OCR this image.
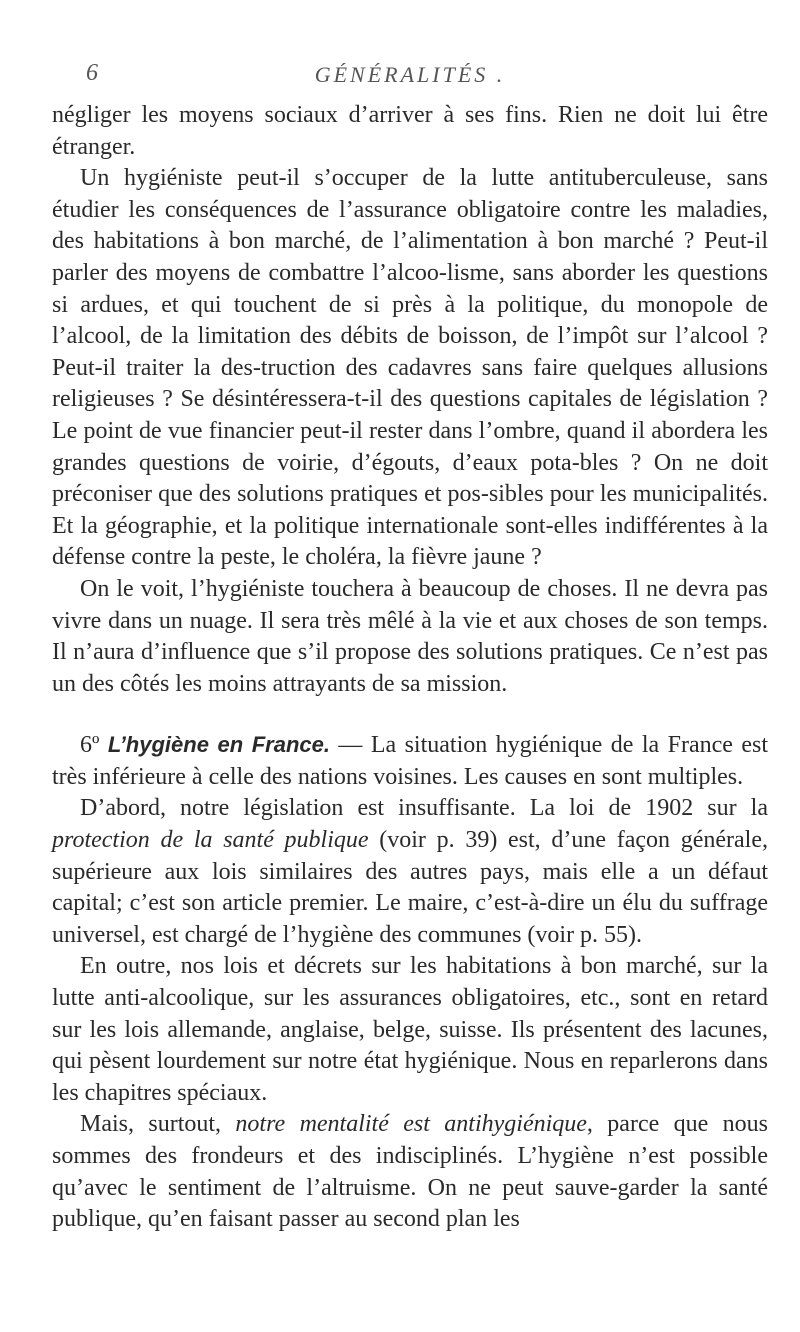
6	GÉNÉRALITÉS .

négliger les moyens sociaux d’arriver à ses fins. Rien ne doit lui être étranger.

Un hygiéniste peut-il s’occuper de la lutte antituberculeuse, sans étudier les conséquences de l’assurance obligatoire contre les maladies, des habitations à bon marché, de l’alimentation à bon marché ? Peut-il parler des moyens de combattre l’alcoo-lisme, sans aborder les questions si ardues, et qui touchent de si près à la politique, du monopole de l’alcool, de la limitation des débits de boisson, de l’impôt sur l’alcool ? Peut-il traiter la des-truction des cadavres sans faire quelques allusions religieuses ? Se désintéressera-t-il des questions capitales de législation ? Le point de vue financier peut-il rester dans l’ombre, quand il abordera les grandes questions de voirie, d’égouts, d’eaux pota-bles ? On ne doit préconiser que des solutions pratiques et pos-sibles pour les municipalités. Et la géographie, et la politique internationale sont-elles indifférentes à la défense contre la peste, le choléra, la fièvre jaune ?

On le voit, l’hygiéniste touchera à beaucoup de choses. Il ne devra pas vivre dans un nuage. Il sera très mêlé à la vie et aux choses de son temps. Il n’aura d’influence que s’il propose des solutions pratiques. Ce n’est pas un des côtés les moins attrayants de sa mission.

6º L’hygiène en France. — La situation hygiénique de la France est très inférieure à celle des nations voisines. Les causes en sont multiples.

D’abord, notre législation est insuffisante. La loi de 1902 sur la protection de la santé publique (voir p. 39) est, d’une façon générale, supérieure aux lois similaires des autres pays, mais elle a un défaut capital; c’est son article premier. Le maire, c’est-à-dire un élu du suffrage universel, est chargé de l’hygiène des communes (voir p. 55).

En outre, nos lois et décrets sur les habitations à bon marché, sur la lutte anti-alcoolique, sur les assurances obligatoires, etc., sont en retard sur les lois allemande, anglaise, belge, suisse. Ils présentent des lacunes, qui pèsent lourdement sur notre état hygiénique. Nous en reparlerons dans les chapitres spéciaux.

Mais, surtout, notre mentalité est antihygiénique, parce que nous sommes des frondeurs et des indisciplinés. L’hygiène n’est possible qu’avec le sentiment de l’altruisme. On ne peut sauve-garder la santé publique, qu’en faisant passer au second plan les
